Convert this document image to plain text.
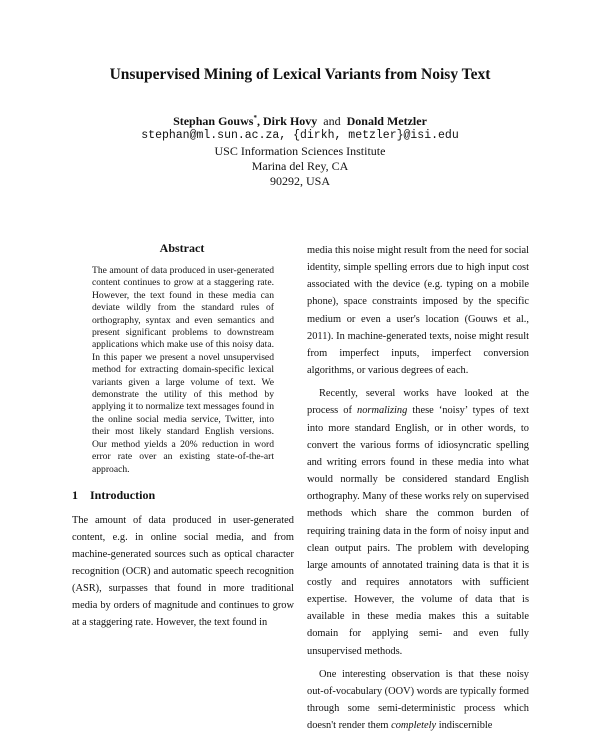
Unsupervised Mining of Lexical Variants from Noisy Text
Stephan Gouws*, Dirk Hovy and Donald Metzler
stephan@ml.sun.ac.za, {dirkh, metzler}@isi.edu
USC Information Sciences Institute
Marina del Rey, CA
90292, USA
Abstract
The amount of data produced in user-generated content continues to grow at a staggering rate. However, the text found in these media can deviate wildly from the standard rules of orthography, syntax and even semantics and present significant problems to downstream applications which make use of this noisy data. In this paper we present a novel unsupervised method for extracting domain-specific lexical variants given a large volume of text. We demonstrate the utility of this method by applying it to normalize text messages found in the online social media service, Twitter, into their most likely standard English versions. Our method yields a 20% reduction in word error rate over an existing state-of-the-art approach.
1 Introduction
The amount of data produced in user-generated content, e.g. in online social media, and from machine-generated sources such as optical character recognition (OCR) and automatic speech recognition (ASR), surpasses that found in more traditional media by orders of magnitude and continues to grow at a staggering rate. However, the text found in

media this noise might result from the need for social identity, simple spelling errors due to high input cost associated with the device (e.g. typing on a mobile phone), space constraints imposed by the specific medium or even a user's location (Gouws et al., 2011). In machine-generated texts, noise might result from imperfect inputs, imperfect conversion algorithms, or various degrees of each.

Recently, several works have looked at the process of normalizing these ‘noisy’ types of text into more standard English, or in other words, to convert the various forms of idiosyncratic spelling and writing errors found in these media into what would normally be considered standard English orthography. Many of these works rely on supervised methods which share the common burden of requiring training data in the form of noisy input and clean output pairs. The problem with developing large amounts of annotated training data is that it is costly and requires annotators with sufficient expertise. However, the volume of data that is available in these media makes this a suitable domain for applying semi- and even fully unsupervised methods.

One interesting observation is that these noisy out-of-vocabulary (OOV) words are typically formed through some semi-deterministic process which doesn't render them completely indiscernible
